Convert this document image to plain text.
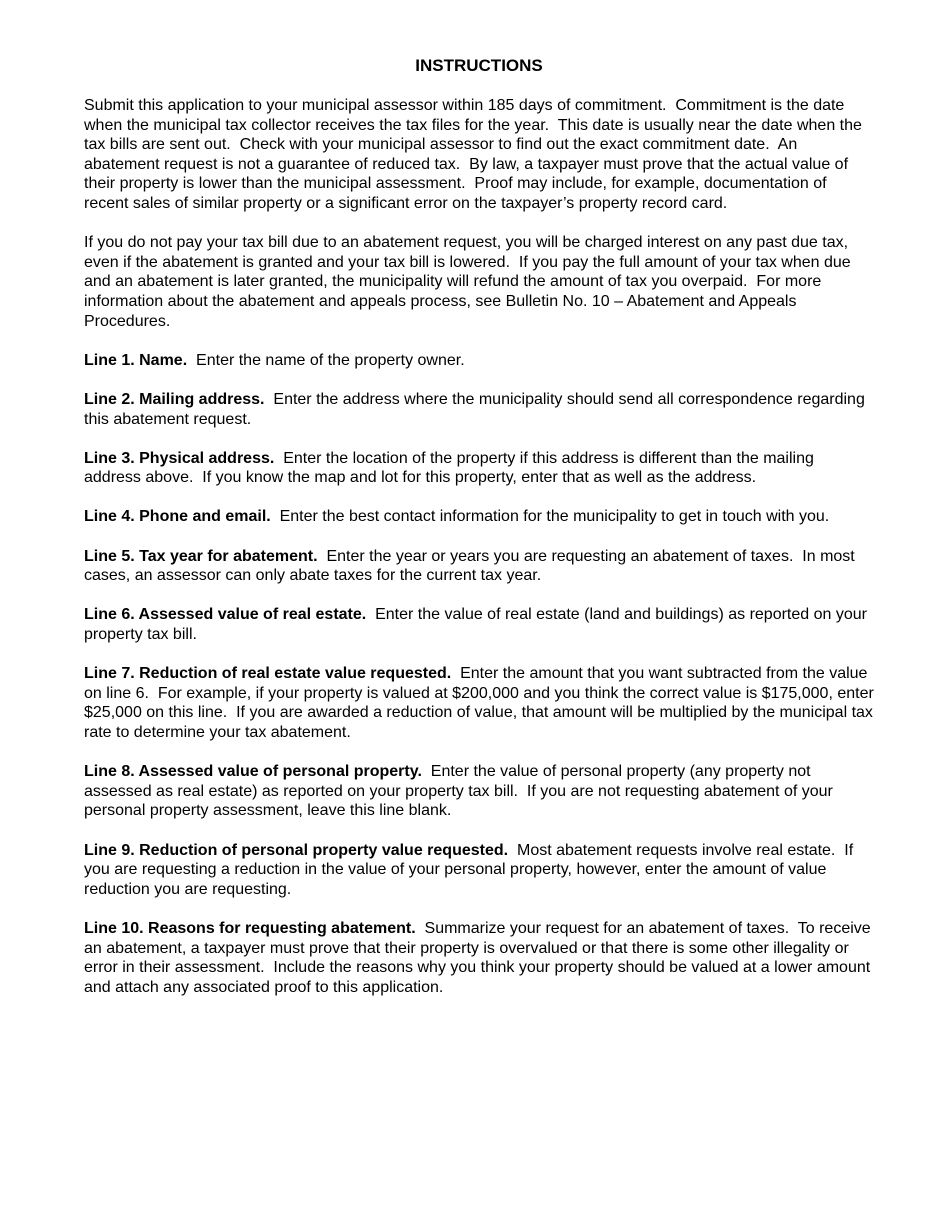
INSTRUCTIONS

Submit this application to your municipal assessor within 185 days of commitment.  Commitment is the date when the municipal tax collector receives the tax files for the year.  This date is usually near the date when the tax bills are sent out.  Check with your municipal assessor to find out the exact commitment date.  An abatement request is not a guarantee of reduced tax.  By law, a taxpayer must prove that the actual value of their property is lower than the municipal assessment.  Proof may include, for example, documentation of recent sales of similar property or a significant error on the taxpayer’s property record card.

If you do not pay your tax bill due to an abatement request, you will be charged interest on any past due tax, even if the abatement is granted and your tax bill is lowered.  If you pay the full amount of your tax when due and an abatement is later granted, the municipality will refund the amount of tax you overpaid.  For more information about the abatement and appeals process, see Bulletin No. 10 – Abatement and Appeals Procedures.

Line 1. Name.  Enter the name of the property owner.

Line 2. Mailing address.  Enter the address where the municipality should send all correspondence regarding this abatement request.

Line 3. Physical address.  Enter the location of the property if this address is different than the mailing address above.  If you know the map and lot for this property, enter that as well as the address.

Line 4. Phone and email.  Enter the best contact information for the municipality to get in touch with you.

Line 5. Tax year for abatement.  Enter the year or years you are requesting an abatement of taxes.  In most cases, an assessor can only abate taxes for the current tax year.

Line 6. Assessed value of real estate.  Enter the value of real estate (land and buildings) as reported on your property tax bill.

Line 7. Reduction of real estate value requested.  Enter the amount that you want subtracted from the value on line 6.  For example, if your property is valued at $200,000 and you think the correct value is $175,000, enter $25,000 on this line.  If you are awarded a reduction of value, that amount will be multiplied by the municipal tax rate to determine your tax abatement.

Line 8. Assessed value of personal property.  Enter the value of personal property (any property not assessed as real estate) as reported on your property tax bill.  If you are not requesting abatement of your personal property assessment, leave this line blank.

Line 9. Reduction of personal property value requested.  Most abatement requests involve real estate.  If you are requesting a reduction in the value of your personal property, however, enter the amount of value reduction you are requesting.

Line 10. Reasons for requesting abatement.  Summarize your request for an abatement of taxes.  To receive an abatement, a taxpayer must prove that their property is overvalued or that there is some other illegality or error in their assessment.  Include the reasons why you think your property should be valued at a lower amount and attach any associated proof to this application.
